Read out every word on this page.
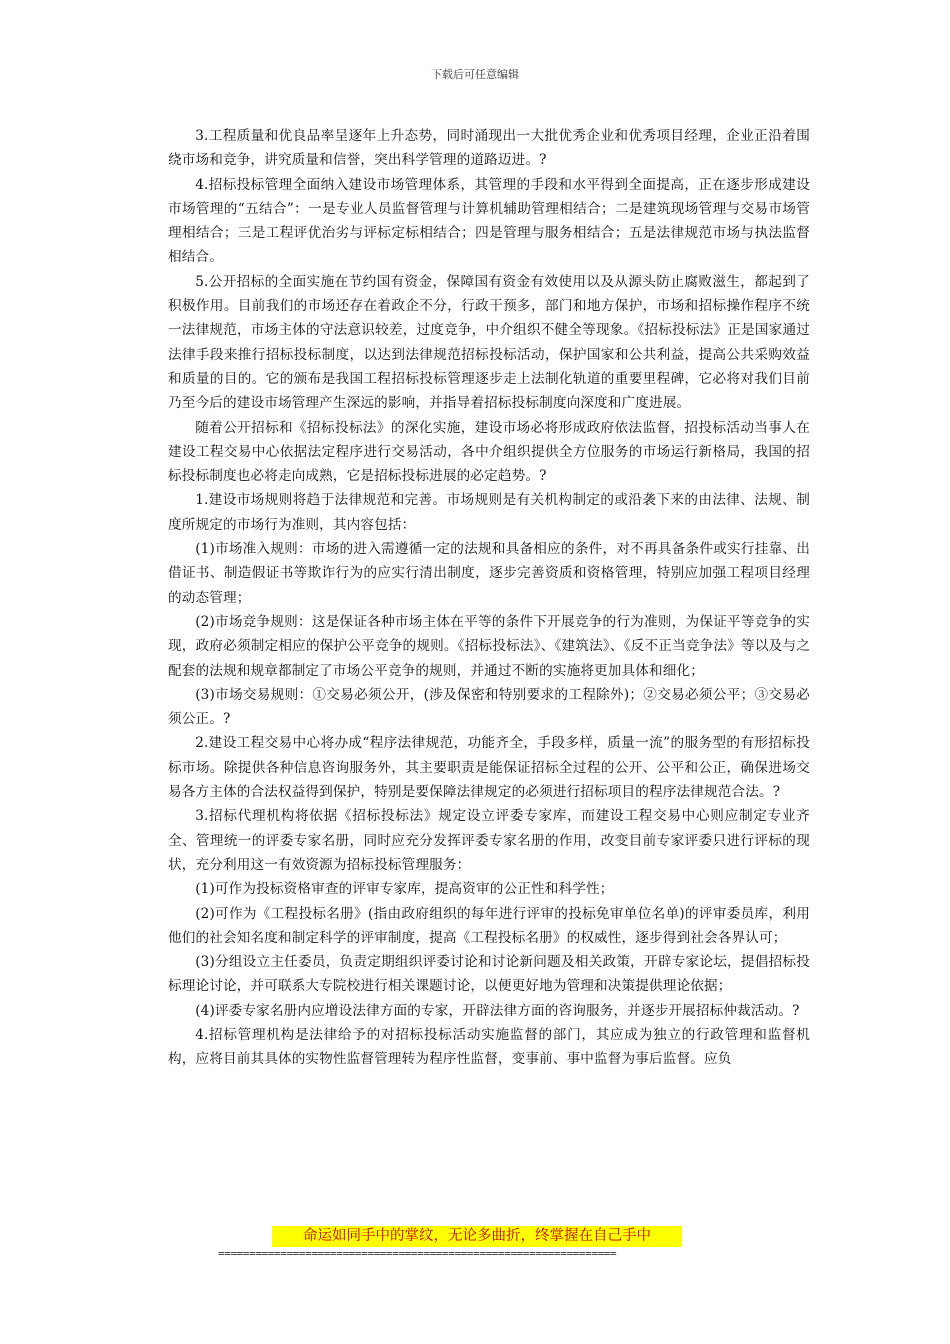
下载后可任意编辑

3.工程质量和优良品率呈逐年上升态势，同时涌现出一大批优秀企业和优秀项目经理，企业正沿着围绕市场和竞争，讲究质量和信誉，突出科学管理的道路迈进。?

4.招标投标管理全面纳入建设市场管理体系，其管理的手段和水平得到全面提高，正在逐步形成建设市场管理的“五结合”：一是专业人员监督管理与计算机辅助管理相结合；二是建筑现场管理与交易市场管理相结合；三是工程评优治劣与评标定标相结合；四是管理与服务相结合；五是法律规范市场与执法监督相结合。

5.公开招标的全面实施在节约国有资金，保障国有资金有效使用以及从源头防止腐败滋生，都起到了积极作用。目前我们的市场还存在着政企不分，行政干预多，部门和地方保护，市场和招标操作程序不统一法律规范，市场主体的守法意识较差，过度竞争，中介组织不健全等现象。《招标投标法》正是国家通过法律手段来推行招标投标制度，以达到法律规范招标投标活动，保护国家和公共利益，提高公共采购效益和质量的目的。它的颁布是我国工程招标投标管理逐步走上法制化轨道的重要里程碑，它必将对我们目前乃至今后的建设市场管理产生深远的影响，并指导着招标投标制度向深度和广度进展。

随着公开招标和《招标投标法》的深化实施，建设市场必将形成政府依法监督，招投标活动当事人在建设工程交易中心依据法定程序进行交易活动，各中介组织提供全方位服务的市场运行新格局，我国的招标投标制度也必将走向成熟，它是招标投标进展的必定趋势。?

1.建设市场规则将趋于法律规范和完善。市场规则是有关机构制定的或沿袭下来的由法律、法规、制度所规定的市场行为准则，其内容包括：

(1)市场准入规则：市场的进入需遵循一定的法规和具备相应的条件，对不再具备条件或实行挂靠、出借证书、制造假证书等欺诈行为的应实行清出制度，逐步完善资质和资格管理，特别应加强工程项目经理的动态管理；

(2)市场竞争规则：这是保证各种市场主体在平等的条件下开展竞争的行为准则，为保证平等竞争的实现，政府必须制定相应的保护公平竞争的规则。《招标投标法》、《建筑法》、《反不正当竞争法》等以及与之配套的法规和规章都制定了市场公平竞争的规则，并通过不断的实施将更加具体和细化；

(3)市场交易规则：①交易必须公开，(涉及保密和特别要求的工程除外)；②交易必须公平；③交易必须公正。?

2.建设工程交易中心将办成“程序法律规范，功能齐全，手段多样，质量一流”的服务型的有形招标投标市场。除提供各种信息咨询服务外，其主要职责是能保证招标全过程的公开、公平和公正，确保进场交易各方主体的合法权益得到保护，特别是要保障法律规定的必须进行招标项目的程序法律规范合法。?

3.招标代理机构将依据《招标投标法》规定设立评委专家库，而建设工程交易中心则应制定专业齐全、管理统一的评委专家名册，同时应充分发挥评委专家名册的作用，改变目前专家评委只进行评标的现状，充分利用这一有效资源为招标投标管理服务：

(1)可作为投标资格审查的评审专家库，提高资审的公正性和科学性；

(2)可作为《工程投标名册》(指由政府组织的每年进行评审的投标免审单位名单)的评审委员库，利用他们的社会知名度和制定科学的评审制度，提高《工程投标名册》的权威性，逐步得到社会各界认可；

(3)分组设立主任委员，负责定期组织评委讨论和讨论新问题及相关政策，开辟专家论坛，提倡招标投标理论讨论，并可联系大专院校进行相关课题讨论，以便更好地为管理和决策提供理论依据；

(4)评委专家名册内应增设法律方面的专家，开辟法律方面的咨询服务，并逐步开展招标仲裁活动。?

4.招标管理机构是法律给予的对招标投标活动实施监督的部门，其应成为独立的行政管理和监督机构，应将目前其具体的实物性监督管理转为程序性监督，变事前、事中监督为事后监督。应负

命运如同手中的掌纹，无论多曲折，终掌握在自己手中
================================================================
